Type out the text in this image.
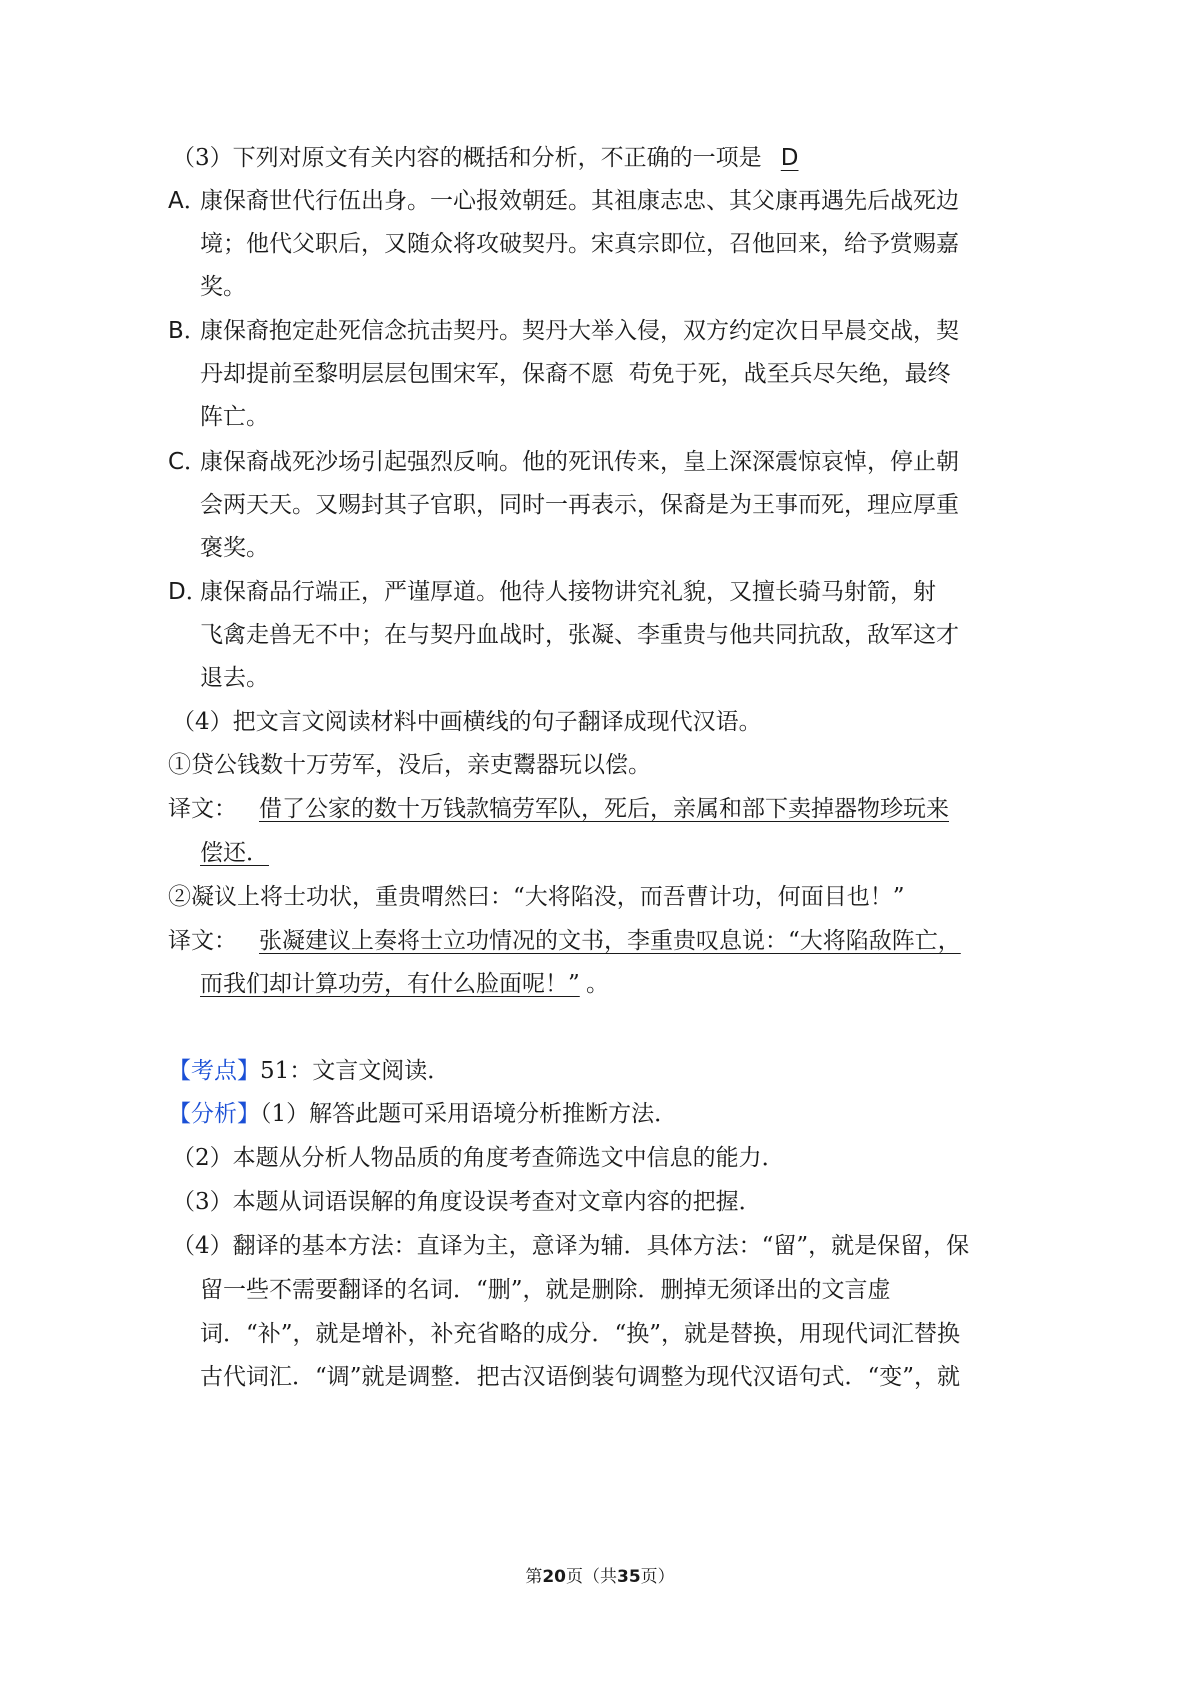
（3）下列对原文有关内容的概括和分析，不正确的一项是 D
A．
康保裔世代行伍出身。一心报效朝廷。其祖康志忠、其父康再遇先后战死边
境；他代父职后，又随众将攻破契丹。宋真宗即位，召他回来，给予赏赐嘉
奖。
B．
康保裔抱定赴死信念抗击契丹。契丹大举入侵，双方约定次日早晨交战，契
丹却提前至黎明层层包围宋军，保裔不愿  苟免于死，战至兵尽矢绝，最终
阵亡。
C．
康保裔战死沙场引起强烈反响。他的死讯传来，皇上深深震惊哀悼，停止朝
会两天天。又赐封其子官职，同时一再表示，保裔是为王事而死，理应厚重
褒奖。
D．
康保裔品行端正，严谨厚道。他待人接物讲究礼貌，又擅长骑马射箭，射
飞禽走兽无不中；在与契丹血战时，张凝、李重贵与他共同抗敌，敌军这才
退去。
（4）把文言文阅读材料中画横线的句子翻译成现代汉语。
①贷公钱数十万劳军，没后，亲吏鬻器玩以偿。
译文： 借了公家的数十万钱款犒劳军队，死后，亲属和部下卖掉器物珍玩来
偿还．
②凝议上将士功状，重贵喟然曰：“大将陷没，而吾曹计功，何面目也！”
译文： 张凝建议上奏将士立功情况的文书，李重贵叹息说：“大将陷敌阵亡，
而我们却计算功劳，有什么脸面呢！” 。
【考点】51：文言文阅读．
【分析】（1）解答此题可采用语境分析推断方法．
（2）本题从分析人物品质的角度考查筛选文中信息的能力．
（3）本题从词语误解的角度设误考查对文章内容的把握．
（4）翻译的基本方法：直译为主，意译为辅．具体方法：“留”，就是保留，保
留一些不需要翻译的名词．“删”，就是删除．删掉无须译出的文言虚
词．“补”，就是增补，补充省略的成分．“换”，就是替换，用现代词汇替换
古代词汇．“调”就是调整．把古汉语倒装句调整为现代汉语句式．“变”，就
第20页（共35页）
